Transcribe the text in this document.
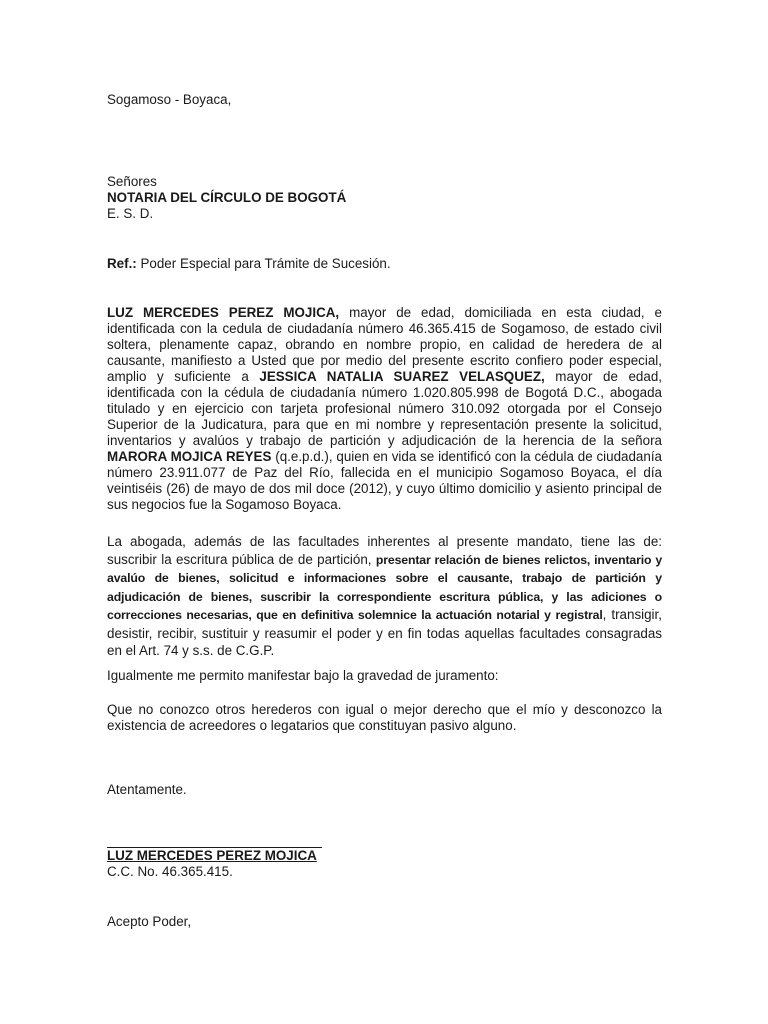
Sogamoso - Boyaca,
Señores
NOTARIA DEL CÍRCULO DE BOGOTÁ
E. S. D.
Ref.: Poder Especial para Trámite de Sucesión.
LUZ MERCEDES PEREZ MOJICA, mayor de edad, domiciliada en esta ciudad, e identificada con la cedula de ciudadanía número 46.365.415 de Sogamoso, de estado civil soltera, plenamente capaz, obrando en nombre propio, en calidad de heredera de al causante, manifiesto a Usted que por medio del presente escrito confiero poder especial, amplio y suficiente a JESSICA NATALIA SUAREZ VELASQUEZ, mayor de edad, identificada con la cédula de ciudadanía número 1.020.805.998 de Bogotá D.C., abogada titulado y en ejercicio con tarjeta profesional número 310.092 otorgada por el Consejo Superior de la Judicatura, para que en mi nombre y representación presente la solicitud, inventarios y avalúos y trabajo de partición y adjudicación de la herencia de la señora MARORA MOJICA REYES (q.e.p.d.), quien en vida se identificó con la cédula de ciudadanía número 23.911.077 de Paz del Río, fallecida en el municipio Sogamoso Boyaca, el día veintiséis (26) de mayo de dos mil doce (2012), y cuyo último domicilio y asiento principal de sus negocios fue la Sogamoso Boyaca.
La abogada, además de las facultades inherentes al presente mandato, tiene las de: suscribir la escritura pública de de partición, presentar relación de bienes relictos, inventario y avalúo de bienes, solicitud e informaciones sobre el causante, trabajo de partición y adjudicación de bienes, suscribir la correspondiente escritura pública, y las adiciones o correcciones necesarias, que en definitiva solemnice la actuación notarial y registral, transigir, desistir, recibir, sustituir y reasumir el poder y en fin todas aquellas facultades consagradas en el Art. 74 y s.s. de C.G.P.
Igualmente me permito manifestar bajo la gravedad de juramento:
Que no conozco otros herederos con igual o mejor derecho que el mío y desconozco la existencia de acreedores o legatarios que constituyan pasivo alguno.
Atentamente.
LUZ MERCEDES PEREZ MOJICA
C.C. No. 46.365.415.
Acepto Poder,
